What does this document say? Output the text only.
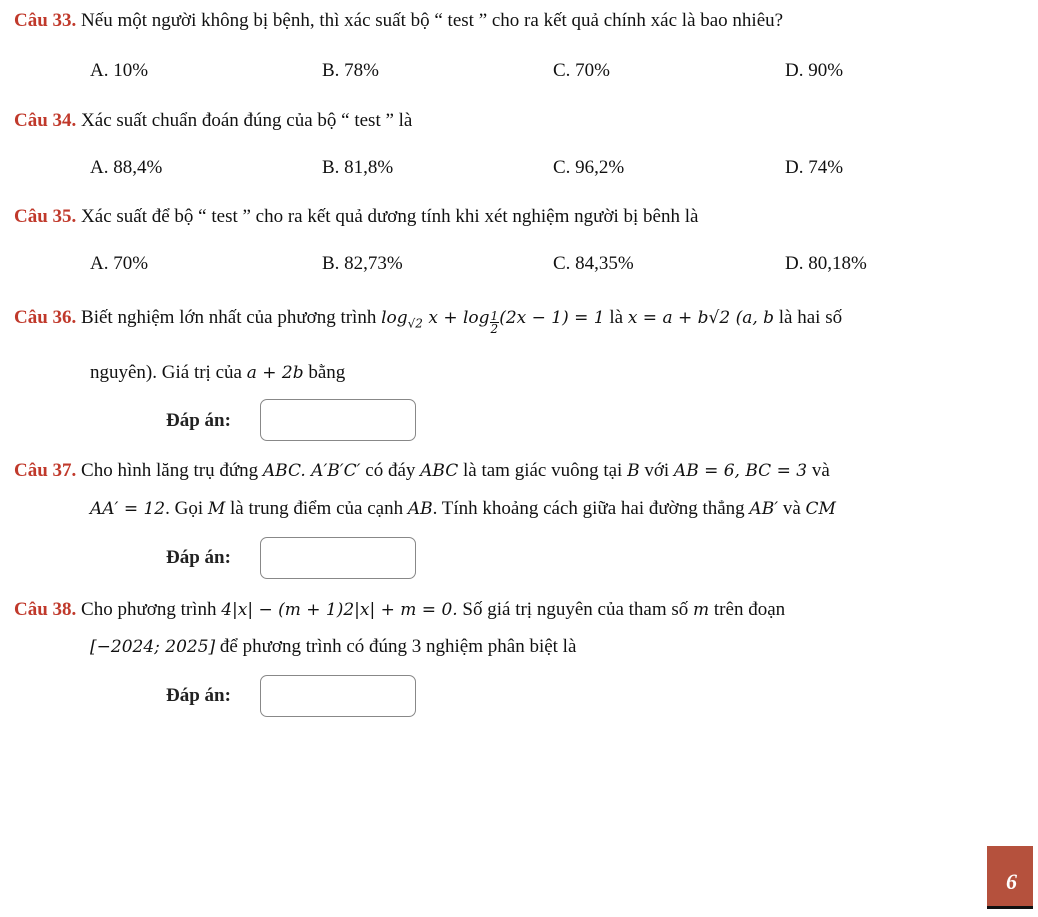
Câu 33. Nếu một người không bị bệnh, thì xác suất bộ “ test ” cho ra kết quả chính xác là bao nhiêu?
A. 10%	B. 78%	C. 70%	D. 90%
Câu 34. Xác suất chuẩn đoán đúng của bộ “ test ” là
A. 88,4%	B. 81,8%	C. 96,2%	D. 74%
Câu 35. Xác suất để bộ “ test ” cho ra kết quả dương tính khi xét nghiệm người bị bênh là
A. 70%	B. 82,73%	C. 84,35%	D. 80,18%
Câu 36. Biết nghiệm lớn nhất của phương trình $\log_{√2} x + \log \frac{1}{2} (2x - 1) = 1$ là x = a + b√2 (a, b là hai số
nguyên). Giá trị của a + 2b bằng
Đáp án:
Câu 37. Cho hình lăng trụ đứng ABC. A′B′C′ có đáy ABC là tam giác vuông tại B với AB = 6, BC = 3 và
AA′ = 12. Gọi M là trung điểm của cạnh AB. Tính khoảng cách giữa hai đường thẳng AB′ và CM
Đáp án:
Câu 38. Cho phương trình 4|x| − (m + 1)2|x| + m = 0. Số giá trị nguyên của tham số m trên đoạn
[−2024; 2025] để phương trình có đúng 3 nghiệm phân biệt là
Đáp án:
6
